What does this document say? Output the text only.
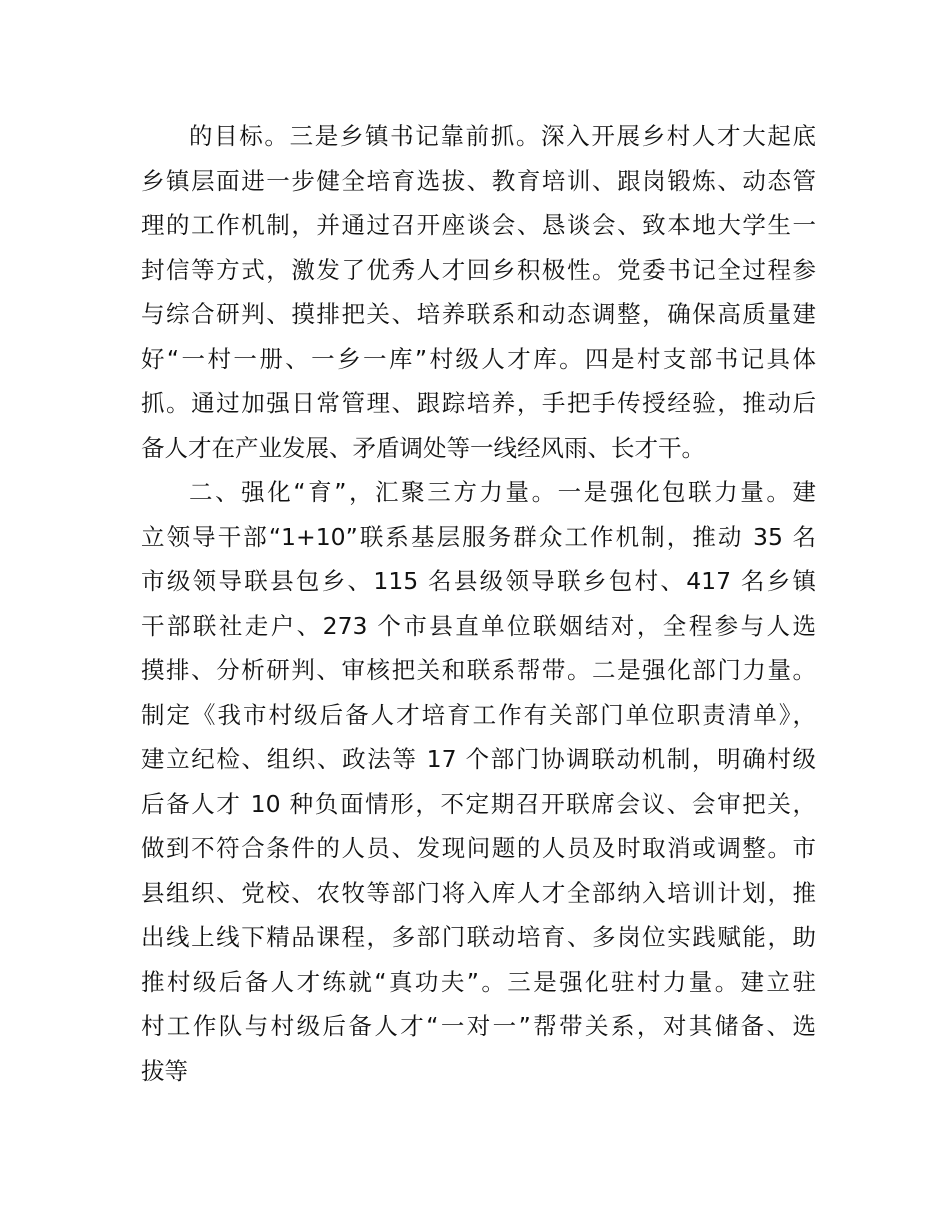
的目标。三是乡镇书记靠前抓。深入开展乡村人才大起底
乡镇层面进一步健全培育选拔、教育培训、跟岗锻炼、动态管
理的工作机制，并通过召开座谈会、恳谈会、致本地大学生一
封信等方式，激发了优秀人才回乡积极性。党委书记全过程参
与综合研判、摸排把关、培养联系和动态调整，确保高质量建
好“一村一册、一乡一库”村级人才库。四是村支部书记具体
抓。通过加强日常管理、跟踪培养，手把手传授经验，推动后
备人才在产业发展、矛盾调处等一线经风雨、长才干。
二、强化“育”，汇聚三方力量。一是强化包联力量。建
立领导干部“1+10”联系基层服务群众工作机制，推动 35 名
市级领导联县包乡、115 名县级领导联乡包村、417 名乡镇
干部联社走户、273 个市县直单位联姻结对，全程参与人选
摸排、分析研判、审核把关和联系帮带。二是强化部门力量。
制定《我市村级后备人才培育工作有关部门单位职责清单》，
建立纪检、组织、政法等 17 个部门协调联动机制，明确村级
后备人才 10 种负面情形，不定期召开联席会议、会审把关，
做到不符合条件的人员、发现问题的人员及时取消或调整。市
县组织、党校、农牧等部门将入库人才全部纳入培训计划，推
出线上线下精品课程，多部门联动培育、多岗位实践赋能，助
推村级后备人才练就“真功夫”。三是强化驻村力量。建立驻
村工作队与村级后备人才“一对一”帮带关系，对其储备、选
拔等
